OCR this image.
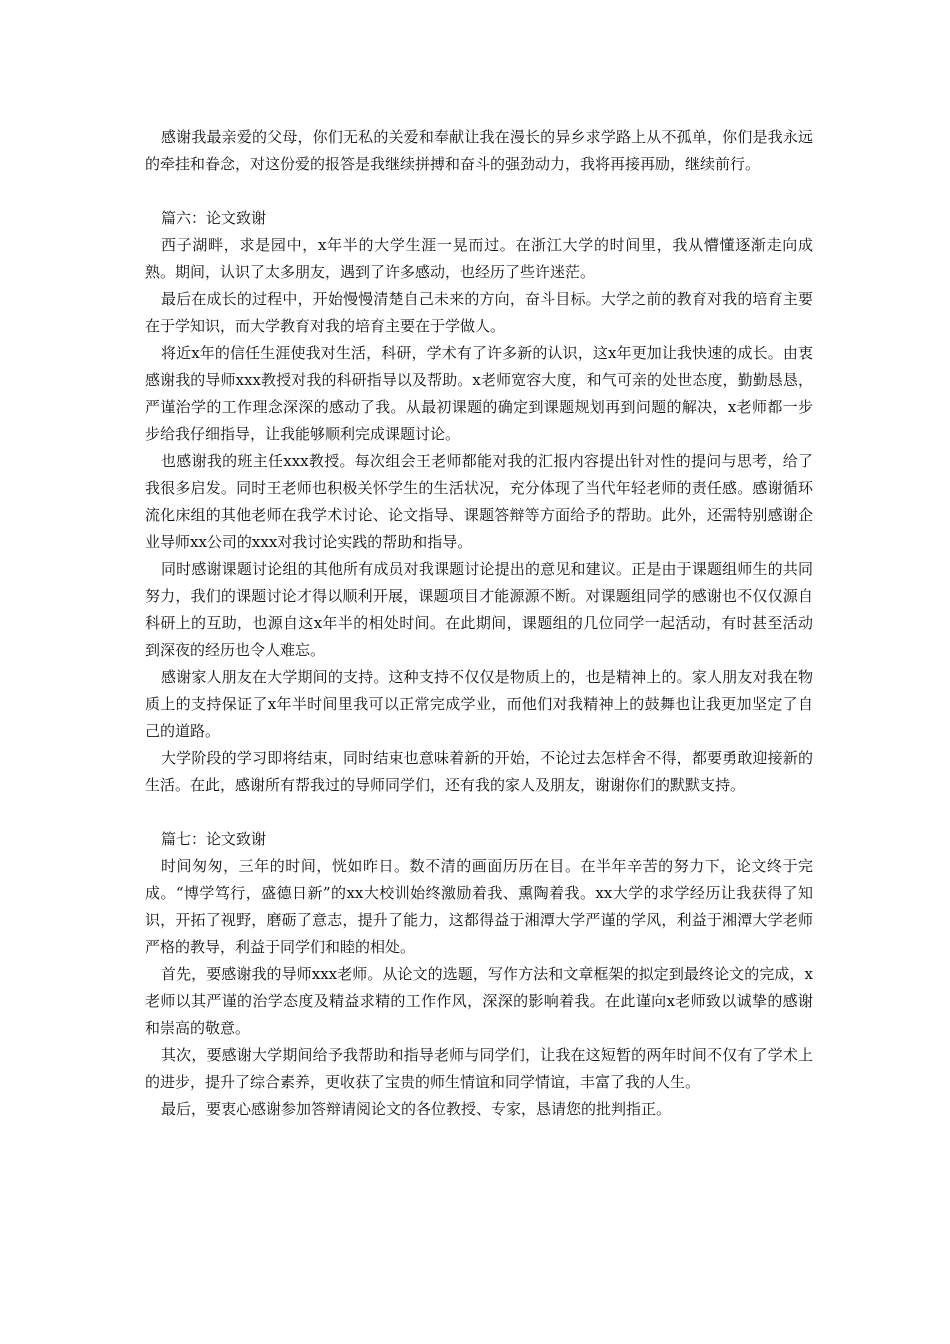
感谢我最亲爱的父母，你们无私的关爱和奉献让我在漫长的异乡求学路上从不孤单，你们是我永远的牵挂和眷念，对这份爱的报答是我继续拼搏和奋斗的强劲动力，我将再接再励，继续前行。

篇六：论文致谢

西子湖畔，求是园中，x年半的大学生涯一晃而过。在浙江大学的时间里，我从懵懂逐渐走向成熟。期间，认识了太多朋友，遇到了许多感动，也经历了些许迷茫。

最后在成长的过程中，开始慢慢清楚自己未来的方向，奋斗目标。大学之前的教育对我的培育主要在于学知识，而大学教育对我的培育主要在于学做人。

将近x年的信任生涯使我对生活，科研，学术有了许多新的认识，这x年更加让我快速的成长。由衷感谢我的导师xxx教授对我的科研指导以及帮助。x老师宽容大度，和气可亲的处世态度，勤勤恳恳，严谨治学的工作理念深深的感动了我。从最初课题的确定到课题规划再到问题的解决，x老师都一步步给我仔细指导，让我能够顺利完成课题讨论。

也感谢我的班主任xxx教授。每次组会王老师都能对我的汇报内容提出针对性的提问与思考，给了我很多启发。同时王老师也积极关怀学生的生活状况，充分体现了当代年轻老师的责任感。感谢循环流化床组的其他老师在我学术讨论、论文指导、课题答辩等方面给予的帮助。此外，还需特别感谢企业导师xx公司的xxx对我讨论实践的帮助和指导。

同时感谢课题讨论组的其他所有成员对我课题讨论提出的意见和建议。正是由于课题组师生的共同努力，我们的课题讨论才得以顺利开展，课题项目才能源源不断。对课题组同学的感谢也不仅仅源自科研上的互助，也源自这x年半的相处时间。在此期间，课题组的几位同学一起活动，有时甚至活动到深夜的经历也令人难忘。

感谢家人朋友在大学期间的支持。这种支持不仅仅是物质上的，也是精神上的。家人朋友对我在物质上的支持保证了x年半时间里我可以正常完成学业，而他们对我精神上的鼓舞也让我更加坚定了自己的道路。

大学阶段的学习即将结束，同时结束也意味着新的开始，不论过去怎样舍不得，都要勇敢迎接新的生活。在此，感谢所有帮我过的导师同学们，还有我的家人及朋友，谢谢你们的默默支持。

篇七：论文致谢

时间匆匆，三年的时间，恍如昨日。数不清的画面历历在目。在半年辛苦的努力下，论文终于完成。“博学笃行，盛德日新”的xx大校训始终激励着我、熏陶着我。xx大学的求学经历让我获得了知识，开拓了视野，磨砺了意志，提升了能力，这都得益于湘潭大学严谨的学风，利益于湘潭大学老师严格的教导，利益于同学们和睦的相处。

首先，要感谢我的导师xxx老师。从论文的选题，写作方法和文章框架的拟定到最终论文的完成，x老师以其严谨的治学态度及精益求精的工作作风，深深的影响着我。在此谨向x老师致以诚挚的感谢和崇高的敬意。

其次，要感谢大学期间给予我帮助和指导老师与同学们，让我在这短暂的两年时间不仅有了学术上的进步，提升了综合素养，更收获了宝贵的师生情谊和同学情谊，丰富了我的人生。

最后，要衷心感谢参加答辩请阅论文的各位教授、专家，恳请您的批判指正。
